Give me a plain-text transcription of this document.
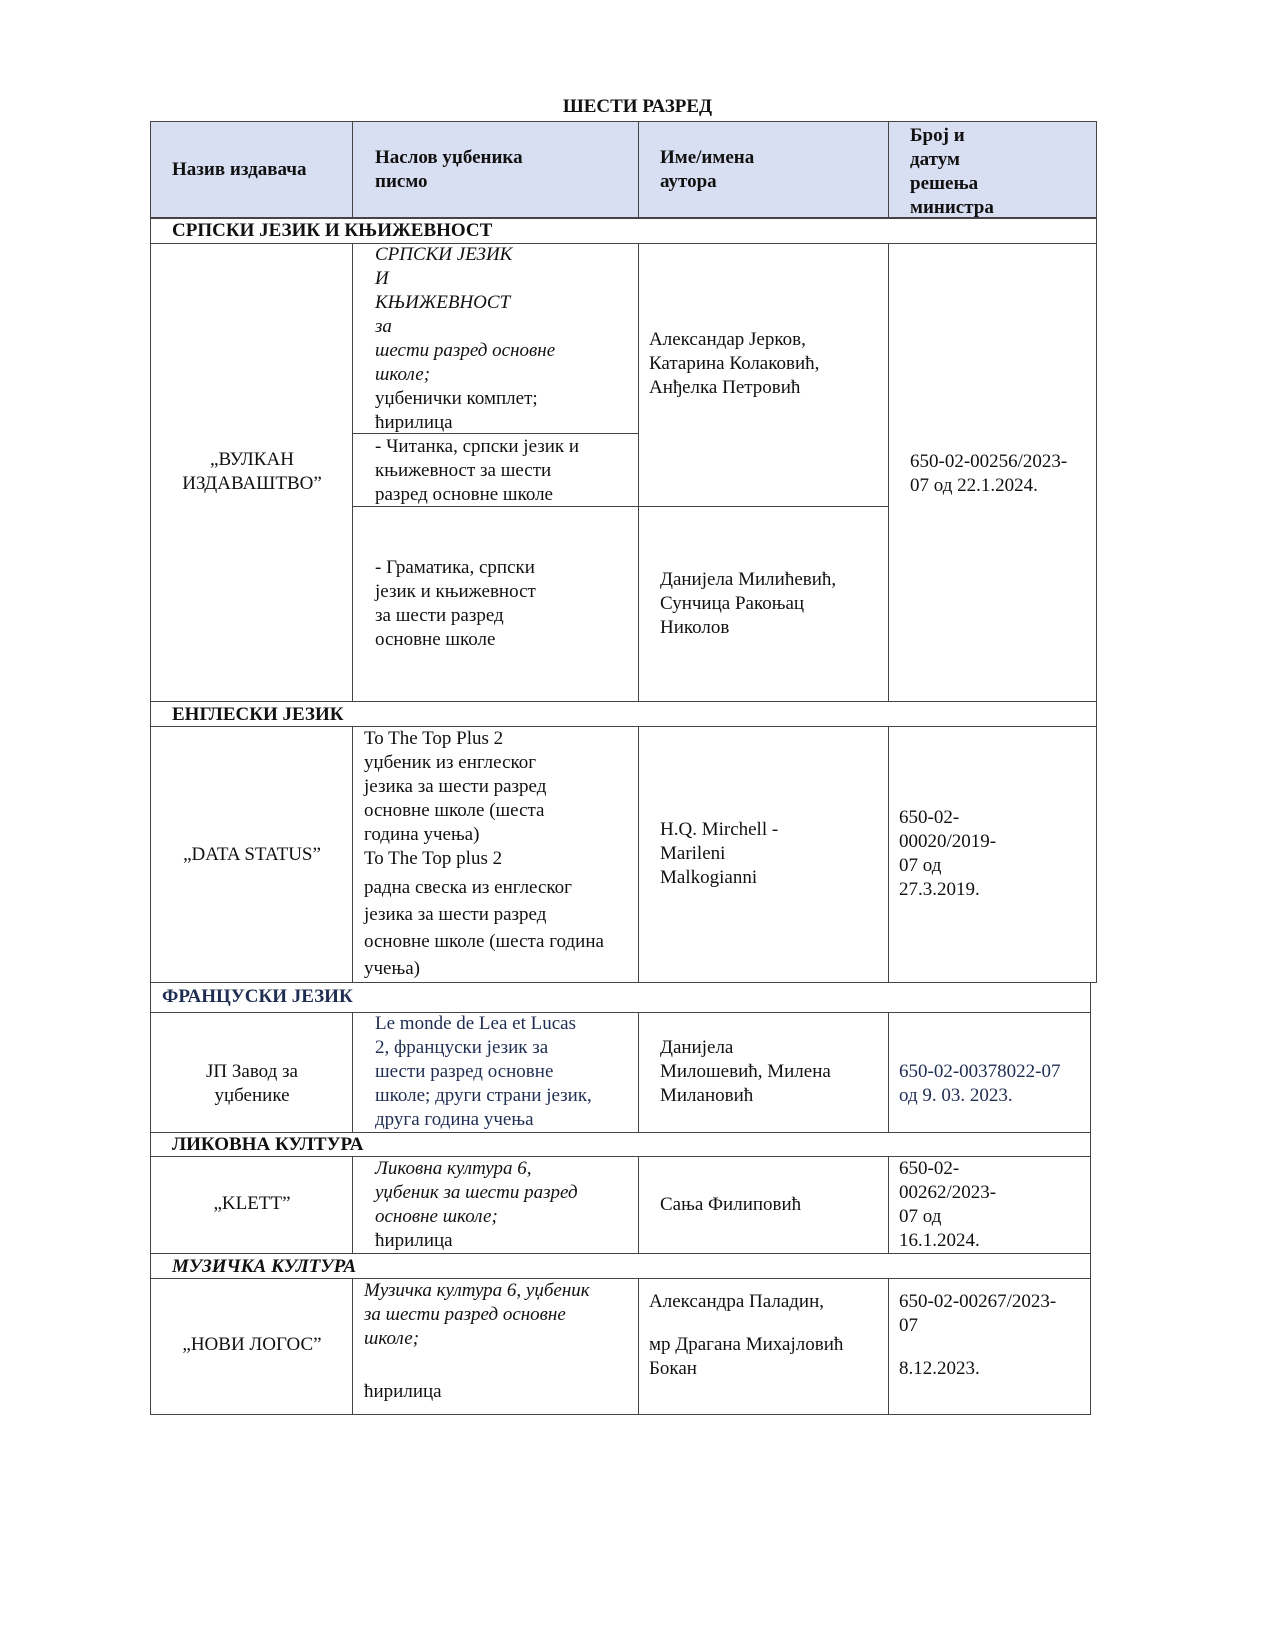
ШЕСТИ РАЗРЕД
Назив издавача
Наслов уџбеника
писмо
Име/имена
аутора
Број и
датум
решења
министра
СРПСКИ ЈЕЗИК И КЊИЖЕВНОСТ
„ВУЛКАН
ИЗДАВАШТВО”
СРПСКИ ЈЕЗИК
И
КЊИЖЕВНОСТ
за
шести разред основне
школе;
уџбенички комплет;
ћирилица
- Читанка, српски језик и
књижевност за шести
разред основне школе
- Граматика, српски
језик и књижевност
за шести разред
основне школе
Александар Јерков,
Катарина Колаковић,
Анђелка Петровић
Данијела Милићевић,
Сунчица Ракоњац
Николов
650-02-00256/2023-
07 од 22.1.2024.
ЕНГЛЕСКИ ЈЕЗИК
„DATA STATUS”
To The Top Plus 2
уџбеник из енглеског
језика за шести разред
основне школе (шеста
година учења)
To The Top plus 2
радна свеска из енглеског
језика за шести разред
основне школе (шеста година
учења)
H.Q. Mirchell -
Marileni
Malkogianni
650-02-
00020/2019-
07 од
27.3.2019.
ФРАНЦУСКИ ЈЕЗИК
ЈП Завод за
уџбенике
Le monde de Lea et Lucas
2, француски језик за
шести разред основне
школе; други страни језик,
друга година учења
Данијела
Милошевић, Милена
Милановић
650-02-00378022-07
од 9. 03. 2023.
ЛИКОВНА КУЛТУРА
„KLETT”
Ликовна култура 6,
уџбеник за шести разред
основне школе;
ћирилица
Сања Филиповић
650-02-
00262/2023-
07 од
16.1.2024.
МУЗИЧКА КУЛТУРА
„НОВИ ЛОГОС”
Музичка култура 6, уџбеник
за шести разред основне
школе;
ћирилица
Александра Паладин,
мр Драгана Михајловић
Бокан
650-02-00267/2023-
07
8.12.2023.
